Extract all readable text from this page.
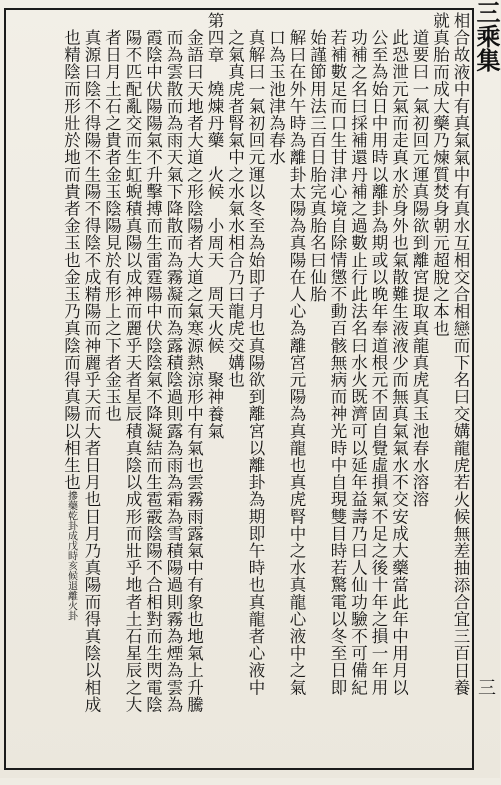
三乘集
三
相合故液中有真氣氣中有真水互相交合相戀而下名曰交媾龍虎若火候無差抽添合宜三百日養
就真胎而成大藥乃煉質焚身朝元超脫之本也
道要曰一氣初回元運真陽欲到離宮提取真龍真虎真玉池春水溶溶
此恐泄元氣而走真水於身外也氣散難生液液少而無真氣氣水不交安成大藥當此年中用月以
公至為始日中用時以離卦為期或以晚年奉道根元不固自覺虛損氣不足之後十年之損一年用
功補之名曰採補還丹補之過數止行此法名曰水火既濟可以延年益壽乃曰人仙功驗不可備紀
若補數足而口生甘津心境自除情懲不動百骸無病而神光時中自現雙目時若驚電以冬至日即
始謹節用法三百日胎完真胎名曰仙胎
解曰在外午時為離卦太陽為真陽在人心為離宮元陽為真龍也真虎腎中之水真龍心液中之氣
口為玉池津為春水
真解曰一氣初回元運以冬至為始即子月也真陽欲到離宮以離卦為期即午時也真龍者心液中
之氣真虎者腎氣中之水氣水相合乃曰龍虎交媾也
第四章　燒煉丹藥　火候　小周天　周天火候　聚神養氣
金語曰天地者大道之形陰陽者大道之氣寒源熱涼形中有氣也雲霧雨露氣中有象也地氣上升騰
而為雲散而為雨天氣下降散而為霧凝而為露積陰過則露為雨為霜為雪積陽過則霧為煙為雲為
霞陰中伏陽陽氣不升擊搏而生雷霆陽中伏陰陰氣不降凝結而生雹霰陰陽不合相對而生閃電陰
陽不匹配亂交而生虹蜺積真陽以成神而麗乎天者星辰積真陰以成形而壯乎地者土石星辰之大
者日月土石之貴者金玉陰陽見於有形上之下者金玉也
真源曰陰不得陽不生陽不得陰不成精陽而神麗乎天而大者日月也日月乃真陽而得真陰以相成
也精陰而形壯於地而貴者金玉也金玉乃真陰而得真陽以相生也摻藥乾卦成戊時亥候退離火卦
